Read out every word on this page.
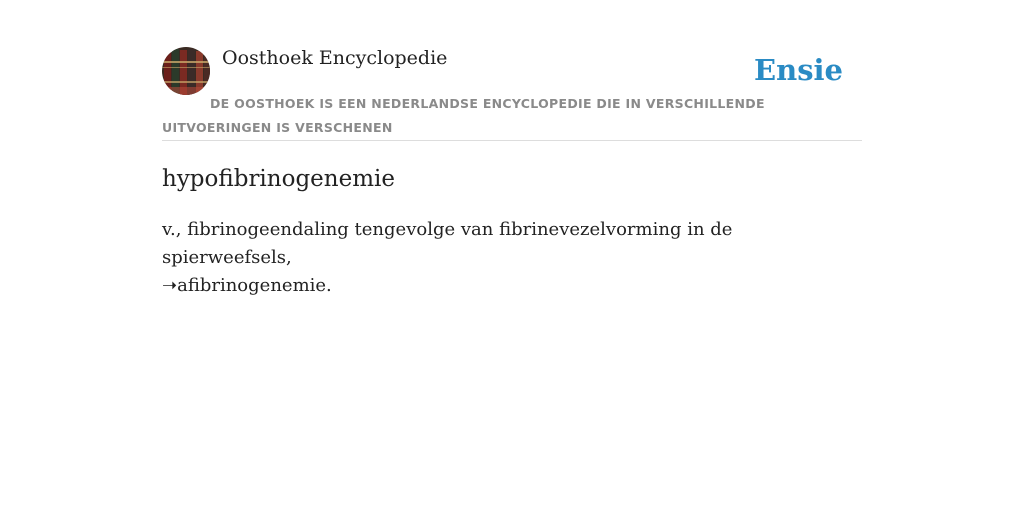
Oosthoek Encyclopedie	Ensie
DE OOSTHOEK IS EEN NEDERLANDSE ENCYCLOPEDIE DIE IN VERSCHILLENDE UITVOERINGEN IS VERSCHENEN
hypofibrinogenemie

v., fibrinogeendaling tengevolge van fibrinevezelvorming in de spierweefsels,
➝afibrinogenemie.
